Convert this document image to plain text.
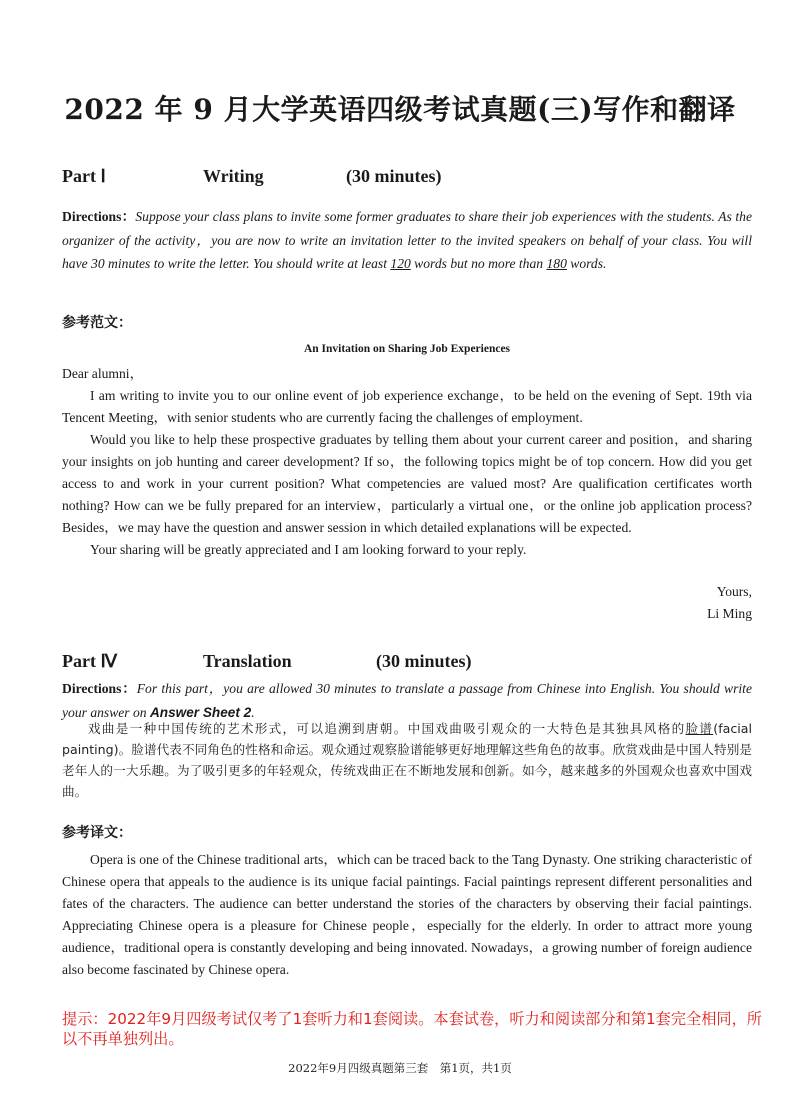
2022 年 9 月大学英语四级考试真题(三)写作和翻译
Part Ⅰ	Writing	(30 minutes)
Directions：Suppose your class plans to invite some former graduates to share their job experiences with the students. As the organizer of the activity，you are now to write an invitation letter to the invited speakers on behalf of your class. You will have 30 minutes to write the letter. You should write at least 120 words but no more than 180 words.
参考范文：
An Invitation on Sharing Job Experiences

Dear alumni，

I am writing to invite you to our online event of job experience exchange，to be held on the evening of Sept. 19th via Tencent Meeting，with senior students who are currently facing the challenges of employment.

Would you like to help these prospective graduates by telling them about your current career and position，and sharing your insights on job hunting and career development? If so，the following topics might be of top concern. How did you get access to and work in your current position? What competencies are valued most? Are qualification certificates worth nothing? How can we be fully prepared for an interview，particularly a virtual one，or the online job application process? Besides，we may have the question and answer session in which detailed explanations will be expected.

Your sharing will be greatly appreciated and I am looking forward to your reply.

Yours,
Li Ming
Part Ⅳ	Translation	(30 minutes)
Directions：For this part，you are allowed 30 minutes to translate a passage from Chinese into English. You should write your answer on Answer Sheet 2.
戏曲是一种中国传统的艺术形式，可以追溯到唐朝。中国戏曲吸引观众的一大特色是其独具风格的脸谱(facial painting)。脸谱代表不同角色的性格和命运。观众通过观察脸谱能够更好地理解这些角色的故事。欣赏戏曲是中国人特别是老年人的一大乐趣。为了吸引更多的年轻观众，传统戏曲正在不断地发展和创新。如今，越来越多的外国观众也喜欢中国戏曲。
参考译文：
Opera is one of the Chinese traditional arts，which can be traced back to the Tang Dynasty. One striking characteristic of Chinese opera that appeals to the audience is its unique facial paintings. Facial paintings represent different personalities and fates of the characters. The audience can better understand the stories of the characters by observing their facial paintings. Appreciating Chinese opera is a pleasure for Chinese people，especially for the elderly. In order to attract more young audience，traditional opera is constantly developing and being innovated. Nowadays，a growing number of foreign audience also become fascinated by Chinese opera.
提示：2022年9月四级考试仅考了1套听力和1套阅读。本套试卷，听力和阅读部分和第1套完全相同，所以不再单独列出。
2022年9月四级真题第三套　第1页，共1页
